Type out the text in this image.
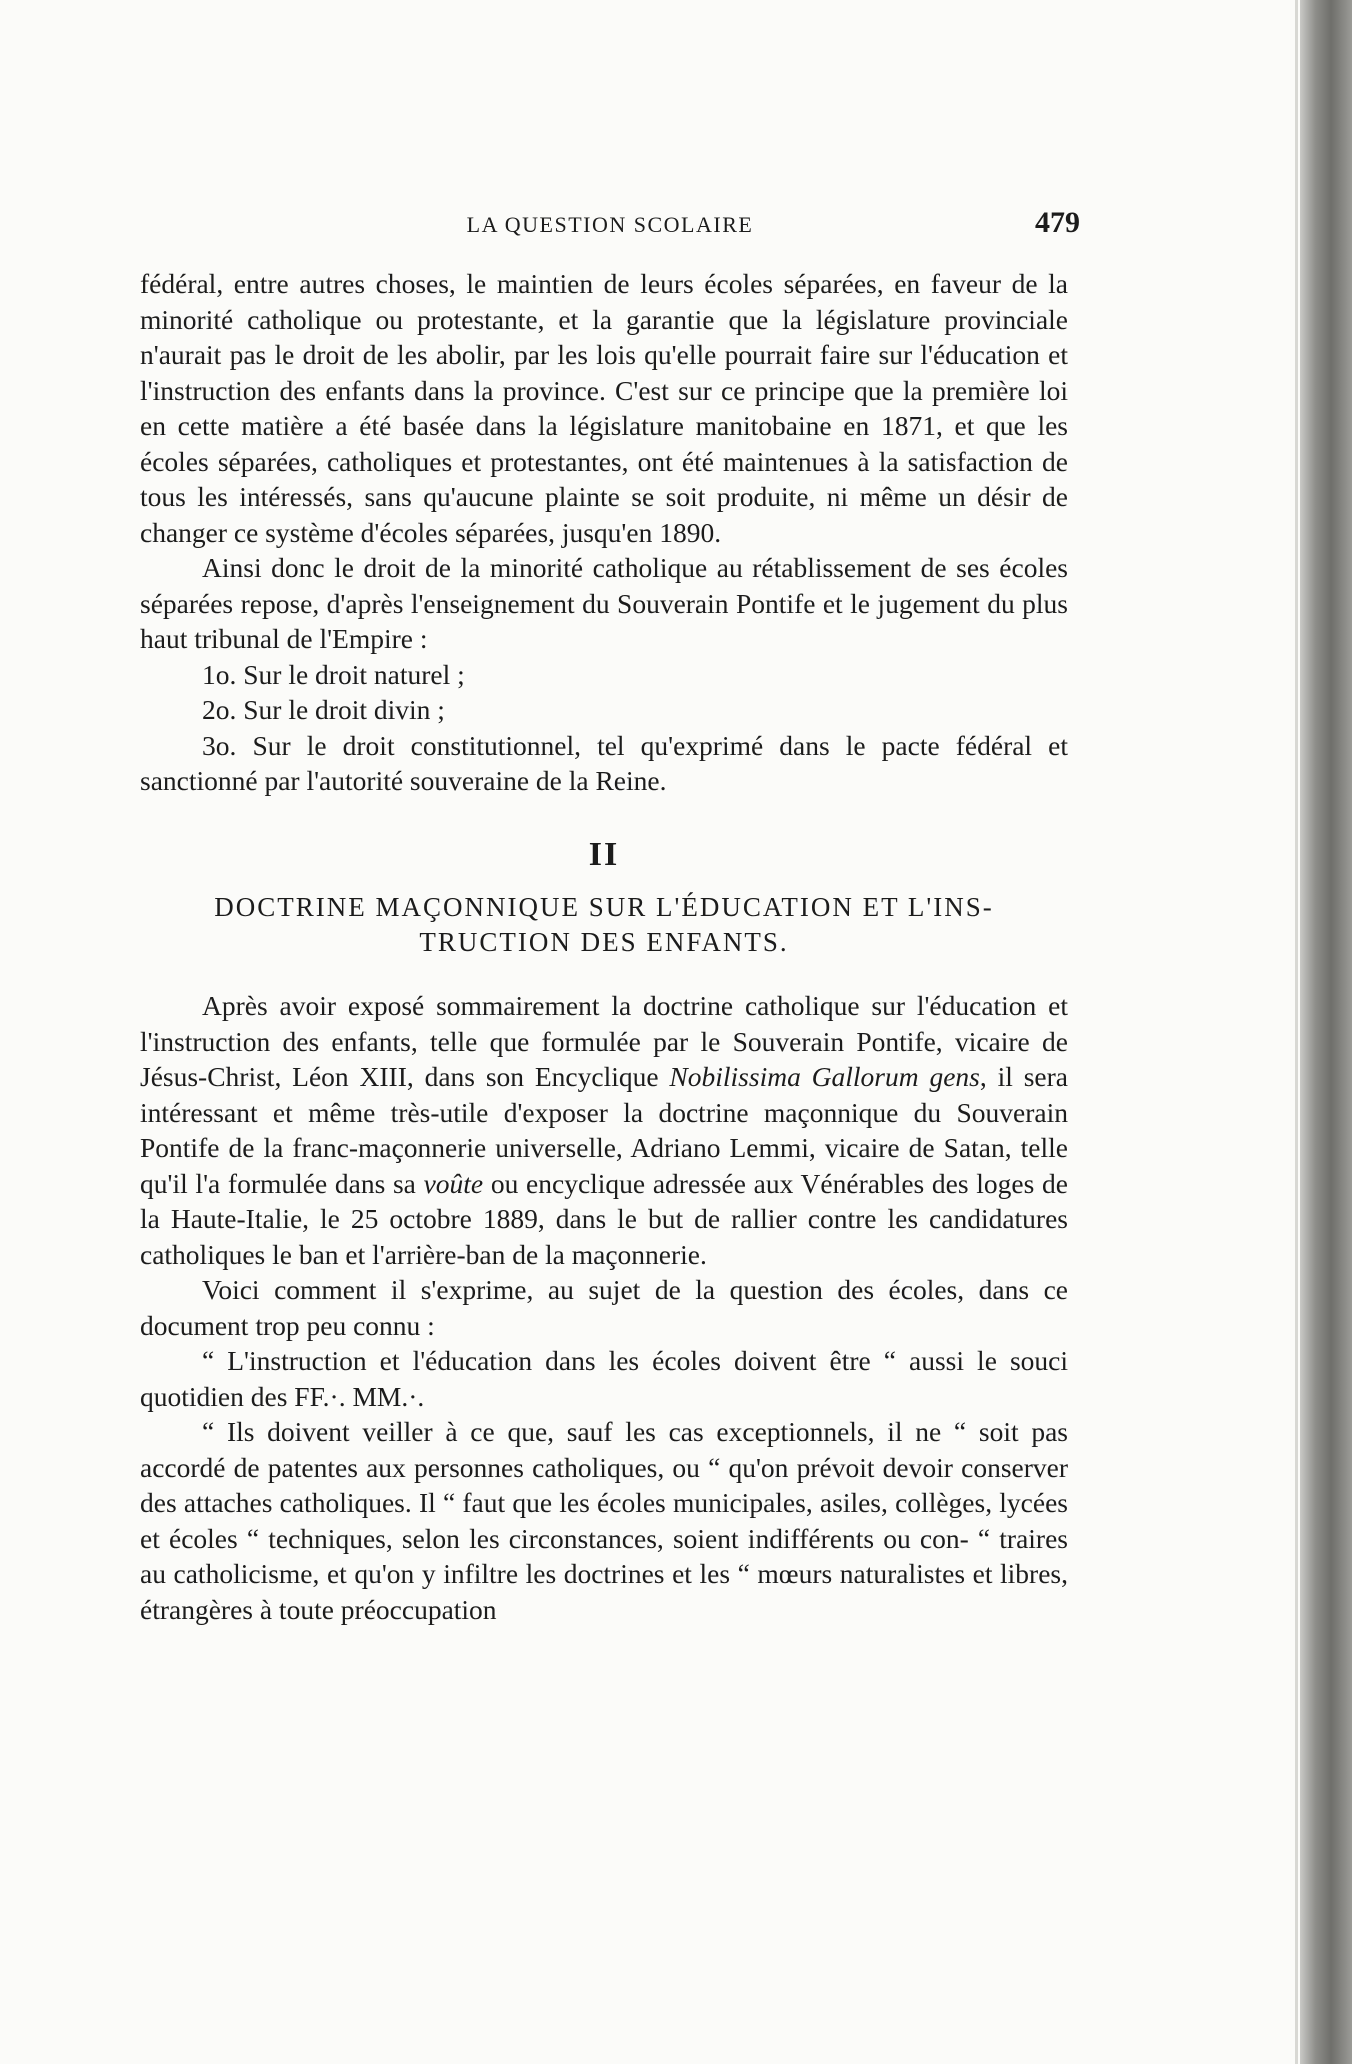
LA QUESTION SCOLAIRE	479

fédéral, entre autres choses, le maintien de leurs écoles séparées, en faveur de la minorité catholique ou protestante, et la garantie que la législature provinciale n'aurait pas le droit de les abolir, par les lois qu'elle pourrait faire sur l'éducation et l'instruction des enfants dans la province. C'est sur ce principe que la première loi en cette matière a été basée dans la législature manitobaine en 1871, et que les écoles séparées, catholiques et protestantes, ont été maintenues à la satisfaction de tous les intéressés, sans qu'aucune plainte se soit produite, ni même un désir de changer ce système d'écoles séparées, jusqu'en 1890.

Ainsi donc le droit de la minorité catholique au rétablissement de ses écoles séparées repose, d'après l'enseignement du Souverain Pontife et le jugement du plus haut tribunal de l'Empire :

1o. Sur le droit naturel ;

2o. Sur le droit divin ;

3o. Sur le droit constitutionnel, tel qu'exprimé dans le pacte fédéral et sanctionné par l'autorité souveraine de la Reine.

II
DOCTRINE MAÇONNIQUE SUR L'ÉDUCATION ET L'INS-
TRUCTION DES ENFANTS.

Après avoir exposé sommairement la doctrine catholique sur l'éducation et l'instruction des enfants, telle que formulée par le Souverain Pontife, vicaire de Jésus-Christ, Léon XIII, dans son Encyclique Nobilissima Gallorum gens, il sera intéressant et même très-utile d'exposer la doctrine maçonnique du Souverain Pontife de la franc-maçonnerie universelle, Adriano Lemmi, vicaire de Satan, telle qu'il l'a formulée dans sa voûte ou encyclique adressée aux Vénérables des loges de la Haute-Italie, le 25 octobre 1889, dans le but de rallier contre les candidatures catholiques le ban et l'arrière-ban de la maçonnerie.

Voici comment il s'exprime, au sujet de la question des écoles, dans ce document trop peu connu :

“ L'instruction et l'éducation dans les écoles doivent être “ aussi le souci quotidien des FF.·. MM.·.

“ Ils doivent veiller à ce que, sauf les cas exceptionnels, il ne “ soit pas accordé de patentes aux personnes catholiques, ou “ qu'on prévoit devoir conserver des attaches catholiques. Il “ faut que les écoles municipales, asiles, collèges, lycées et écoles “ techniques, selon les circonstances, soient indifférents ou con- “ traires au catholicisme, et qu'on y infiltre les doctrines et les “ mœurs naturalistes et libres, étrangères à toute préoccupation
